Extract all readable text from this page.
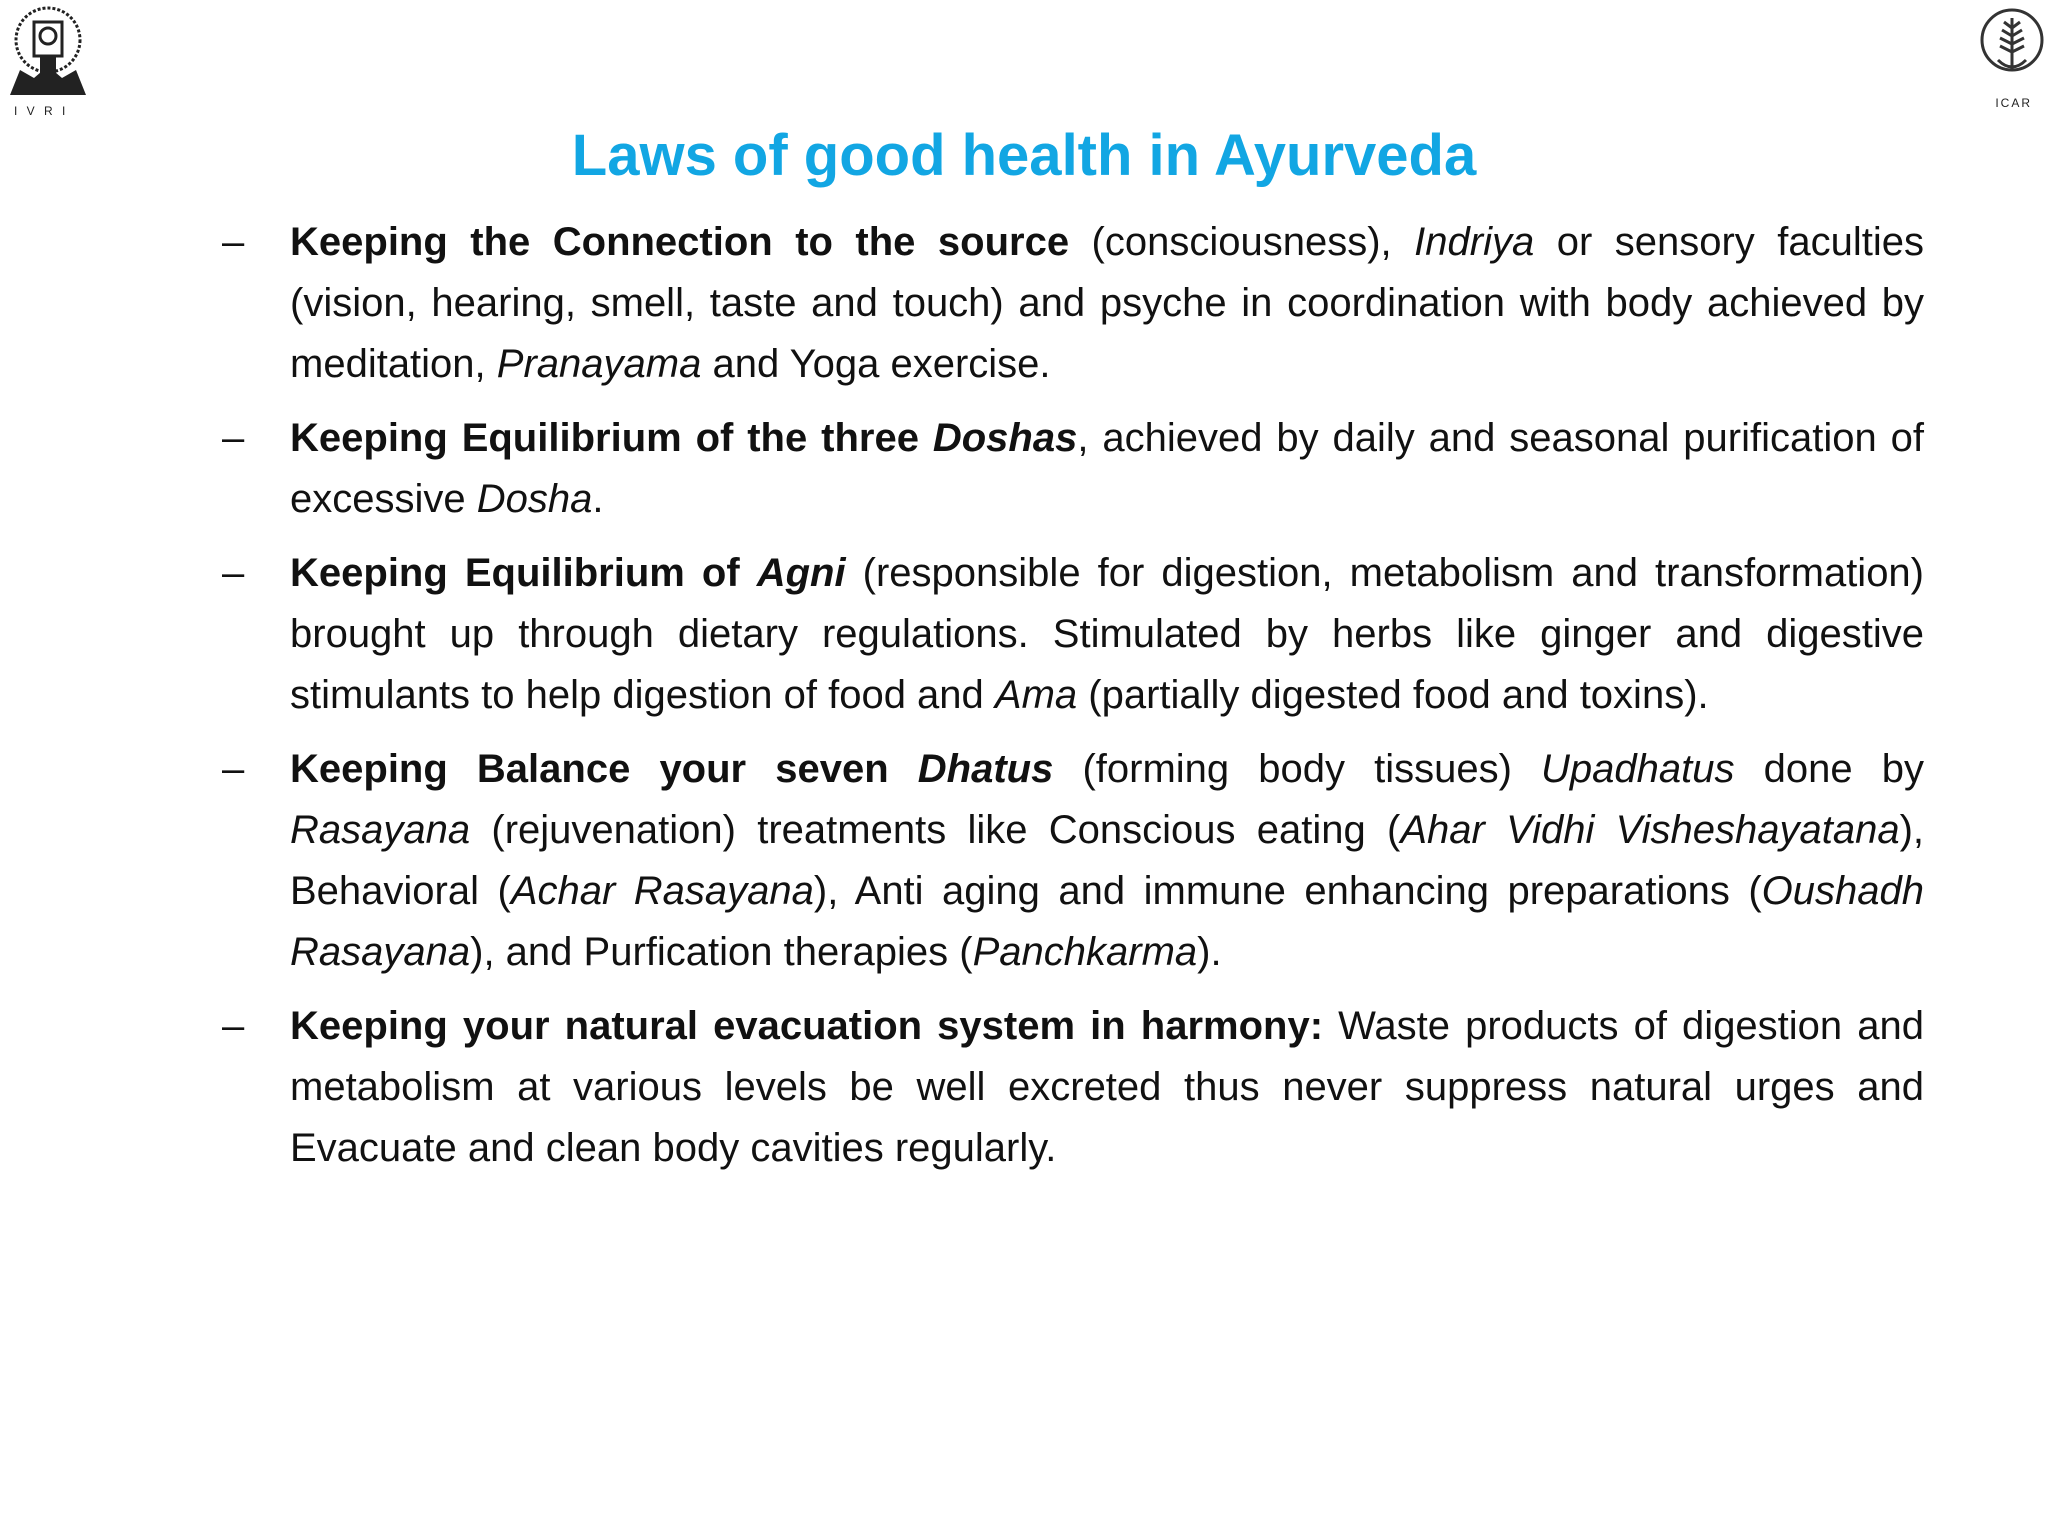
I V R I
ICAR
Laws of good health in Ayurveda
–	Keeping the Connection to the source (consciousness), Indriya or sensory faculties (vision, hearing, smell, taste and touch) and psyche in coordination with body achieved by meditation, Pranayama and Yoga exercise.
–	Keeping Equilibrium of the three Doshas, achieved by daily and seasonal purification of excessive Dosha.
–	Keeping Equilibrium of Agni (responsible for digestion, metabolism and transformation) brought up through dietary regulations. Stimulated by herbs like ginger and digestive stimulants to help digestion of food and Ama (partially digested food and toxins).
–	Keeping Balance your seven Dhatus (forming body tissues) Upadhatus done by Rasayana (rejuvenation) treatments like Conscious eating (Ahar Vidhi Visheshayatana), Behavioral (Achar Rasayana), Anti aging and immune enhancing preparations (Oushadh Rasayana), and Purfication therapies (Panchkarma).
–	Keeping your natural evacuation system in harmony: Waste products of digestion and metabolism at various levels be well excreted thus never suppress natural urges and Evacuate and clean body cavities regularly.
